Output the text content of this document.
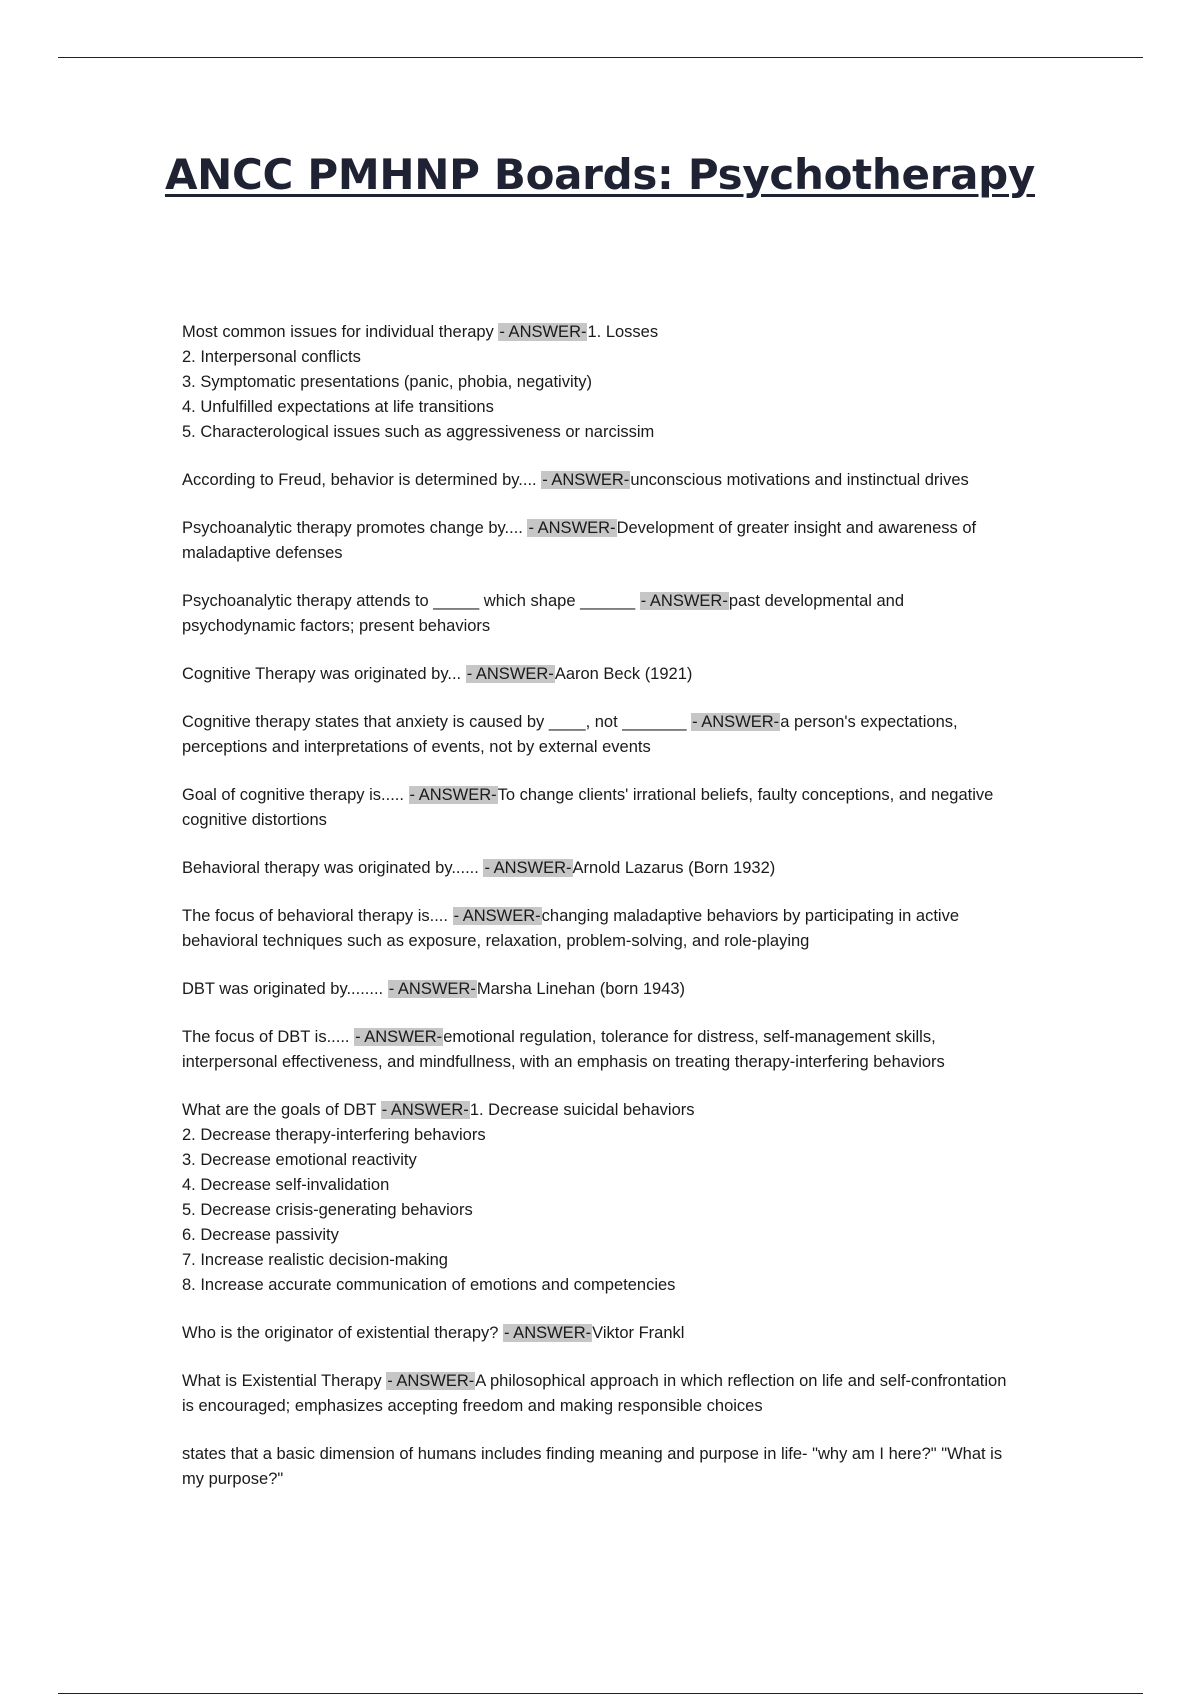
ANCC PMHNP Boards: Psychotherapy

Most common issues for individual therapy - ANSWER-1. Losses
2. Interpersonal conflicts
3. Symptomatic presentations (panic, phobia, negativity)
4. Unfulfilled expectations at life transitions
5. Characterological issues such as aggressiveness or narcissim

According to Freud, behavior is determined by.... - ANSWER-unconscious motivations and instinctual drives

Psychoanalytic therapy promotes change by.... - ANSWER-Development of greater insight and awareness of maladaptive defenses

Psychoanalytic therapy attends to _____ which shape ______ - ANSWER-past developmental and psychodynamic factors; present behaviors

Cognitive Therapy was originated by... - ANSWER-Aaron Beck (1921)

Cognitive therapy states that anxiety is caused by ____, not _______ - ANSWER-a person's expectations, perceptions and interpretations of events, not by external events

Goal of cognitive therapy is..... - ANSWER-To change clients' irrational beliefs, faulty conceptions, and negative cognitive distortions

Behavioral therapy was originated by...... - ANSWER-Arnold Lazarus (Born 1932)

The focus of behavioral therapy is.... - ANSWER-changing maladaptive behaviors by participating in active behavioral techniques such as exposure, relaxation, problem-solving, and role-playing

DBT was originated by........ - ANSWER-Marsha Linehan (born 1943)

The focus of DBT is..... - ANSWER-emotional regulation, tolerance for distress, self-management skills, interpersonal effectiveness, and mindfullness, with an emphasis on treating therapy-interfering behaviors

What are the goals of DBT - ANSWER-1. Decrease suicidal behaviors
2. Decrease therapy-interfering behaviors
3. Decrease emotional reactivity
4. Decrease self-invalidation
5. Decrease crisis-generating behaviors
6. Decrease passivity
7. Increase realistic decision-making
8. Increase accurate communication of emotions and competencies

Who is the originator of existential therapy? - ANSWER-Viktor Frankl

What is Existential Therapy - ANSWER-A philosophical approach in which reflection on life and self-confrontation is encouraged; emphasizes accepting freedom and making responsible choices

states that a basic dimension of humans includes finding meaning and purpose in life- "why am I here?" "What is my purpose?"
